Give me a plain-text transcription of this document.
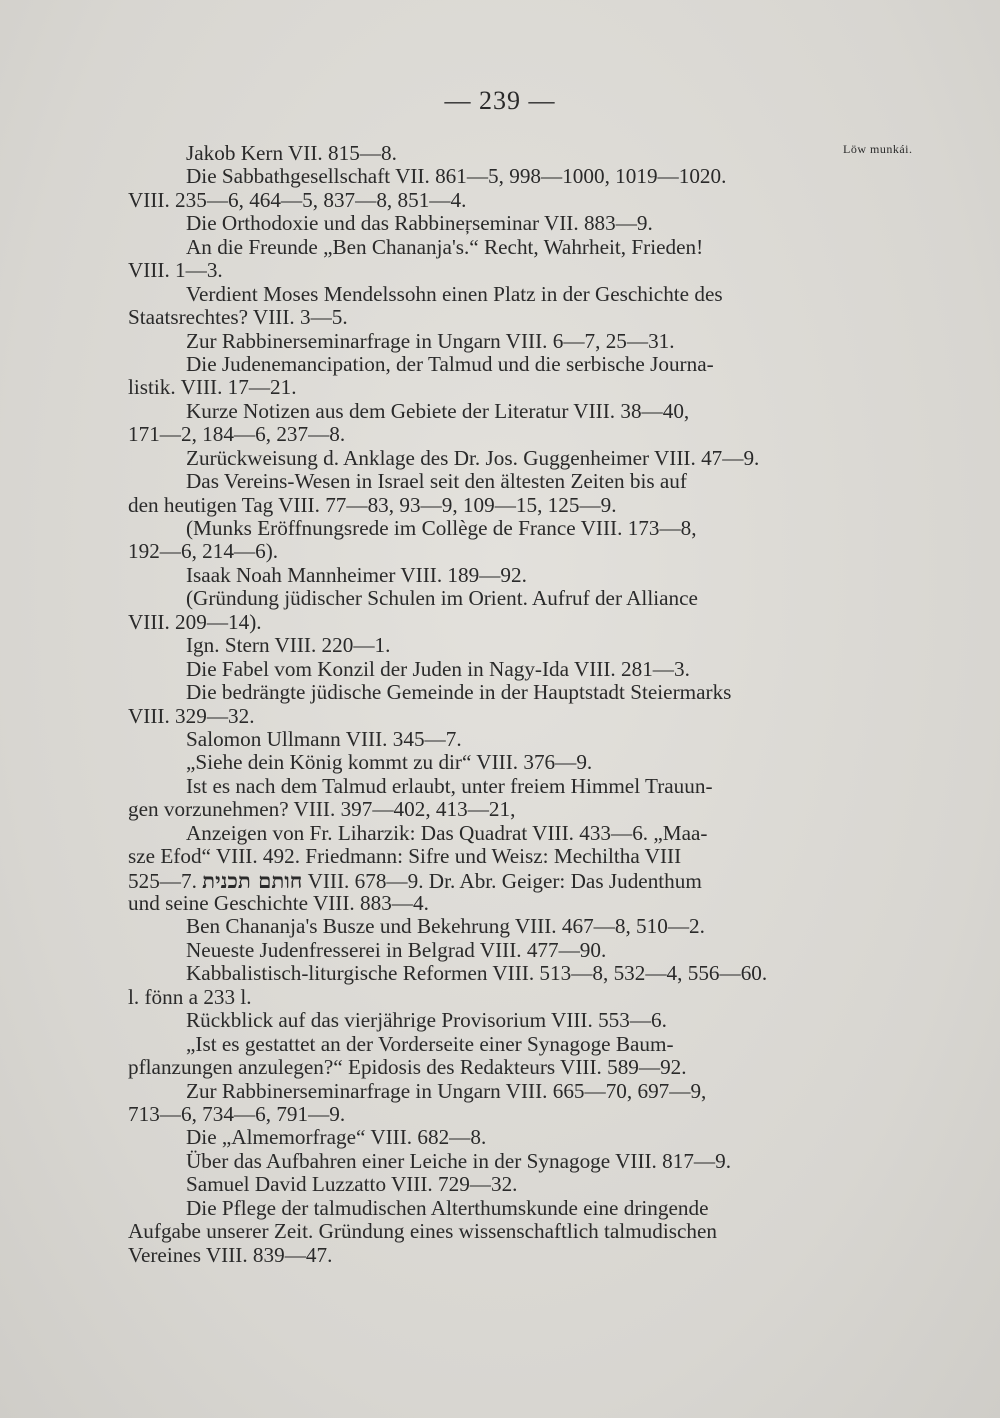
— 239 —
Löw munkái.
Jakob Kern VII. 815—8.
Die Sabbathgesellschaft VII. 861—5, 998—1000, 1019—1020.
VIII. 235—6, 464—5, 837—8, 851—4.
Die Orthodoxie und das Rabbineŗseminar VII. 883—9.
An die Freunde „Ben Chananja's.“ Recht, Wahrheit, Frieden!
VIII. 1—3.
Verdient Moses Mendelssohn einen Platz in der Geschichte des
Staatsrechtes? VIII. 3—5.
Zur Rabbinerseminarfrage in Ungarn VIII. 6—7, 25—31.
Die Judenemancipation, der Talmud und die serbische Journa-
listik. VIII. 17—21.
Kurze Notizen aus dem Gebiete der Literatur VIII. 38—40,
171—2, 184—6, 237—8.
Zurückweisung d. Anklage des Dr. Jos. Guggenheimer VIII. 47—9.
Das Vereins-Wesen in Israel seit den ältesten Zeiten bis auf
den heutigen Tag VIII. 77—83, 93—9, 109—15, 125—9.
(Munks Eröffnungsrede im Collège de France VIII. 173—8,
192—6, 214—6).
Isaak Noah Mannheimer VIII. 189—92.
(Gründung jüdischer Schulen im Orient. Aufruf der Alliance
VIII. 209—14).
Ign. Stern VIII. 220—1.
Die Fabel vom Konzil der Juden in Nagy-Ida VIII. 281—3.
Die bedrängte jüdische Gemeinde in der Hauptstadt Steiermarks
VIII. 329—32.
Salomon Ullmann VIII. 345—7.
„Siehe dein König kommt zu dir“ VIII. 376—9.
Ist es nach dem Talmud erlaubt, unter freiem Himmel Trauun-
gen vorzunehmen? VIII. 397—402, 413—21,
Anzeigen von Fr. Liharzik: Das Quadrat VIII. 433—6. „Maa-
sze Efod“ VIII. 492. Friedmann: Sifre und Weisz: Mechiltha VIII
525—7. חותם תכנית VIII. 678—9. Dr. Abr. Geiger: Das Judenthum
und seine Geschichte VIII. 883—4.
Ben Chananja's Busze und Bekehrung VIII. 467—8, 510—2.
Neueste Judenfresserei in Belgrad VIII. 477—90.
Kabbalistisch-liturgische Reformen VIII. 513—8, 532—4, 556—60.
l. fönn a 233 l.
Rückblick auf das vierjährige Provisorium VIII. 553—6.
„Ist es gestattet an der Vorderseite einer Synagoge Baum-
pflanzungen anzulegen?“ Epidosis des Redakteurs VIII. 589—92.
Zur Rabbinerseminarfrage in Ungarn VIII. 665—70, 697—9,
713—6, 734—6, 791—9.
Die „Almemorfrage“ VIII. 682—8.
Über das Aufbahren einer Leiche in der Synagoge VIII. 817—9.
Samuel David Luzzatto VIII. 729—32.
Die Pflege der talmudischen Alterthumskunde eine dringende
Aufgabe unserer Zeit. Gründung eines wissenschaftlich talmudischen
Vereines VIII. 839—47.
